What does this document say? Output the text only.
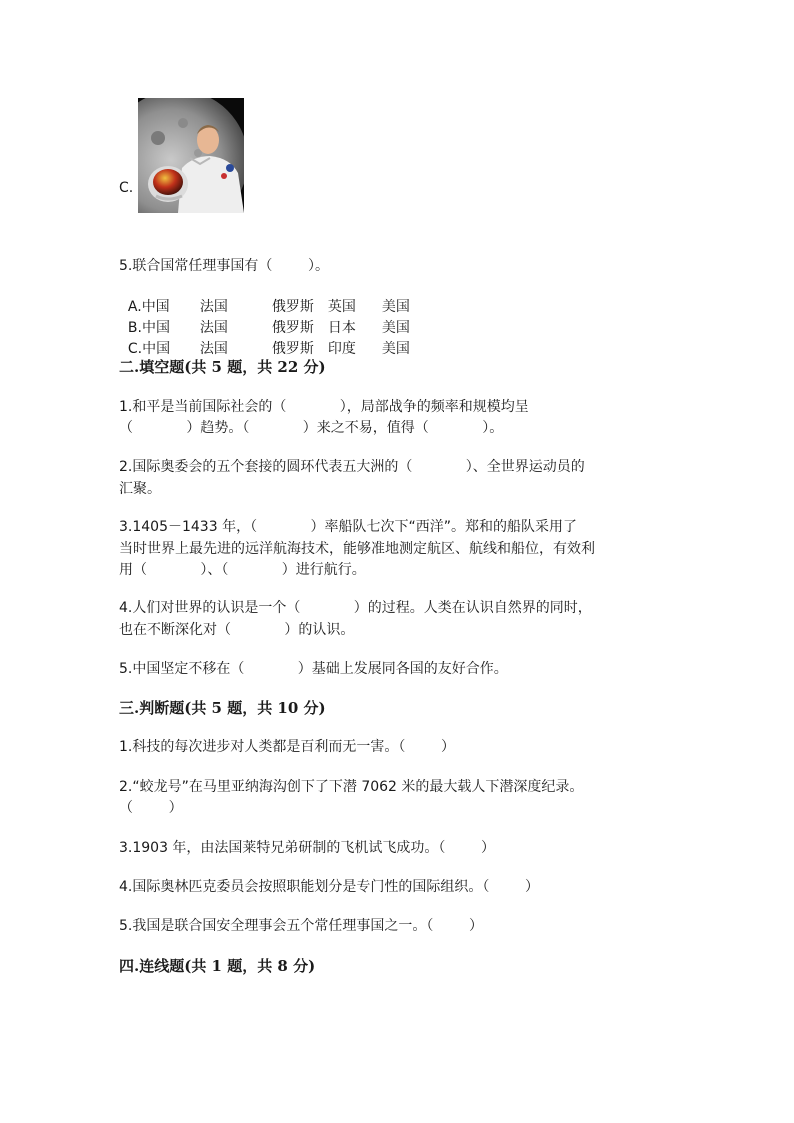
C.
5.联合国常任理事国有（        ）。

A.中国 法国	俄罗斯 英国 美国

B.中国 法国	俄罗斯 日本 美国

C.中国 法国	俄罗斯 印度 美国

二.填空题(共 5 题，共 22 分)
1.和平是当前国际社会的（            ），局部战争的频率和规模均呈
（            ）趋势。（            ）来之不易，值得（            ）。
2.国际奥委会的五个套接的圆环代表五大洲的（            ）、全世界运动员的
汇聚。
3.1405－1433 年，（            ）率船队七次下“西洋”。郑和的船队采用了
当时世界上最先进的远洋航海技术，能够准地测定航区、航线和船位，有效利
用（            ）、（            ）进行航行。
4.人们对世界的认识是一个（            ）的过程。人类在认识自然界的同时，
也在不断深化对（            ）的认识。
5.中国坚定不移在（            ）基础上发展同各国的友好合作。
三.判断题(共 5 题，共 10 分)
1.科技的每次进步对人类都是百利而无一害。（        ）
2.“蛟龙号”在马里亚纳海沟创下了下潜 7062 米的最大载人下潜深度纪录。
（        ）
3.1903 年，由法国莱特兄弟研制的飞机试飞成功。（        ）
4.国际奥林匹克委员会按照职能划分是专门性的国际组织。（        ）
5.我国是联合国安全理事会五个常任理事国之一。（        ）
四.连线题(共 1 题，共 8 分)
